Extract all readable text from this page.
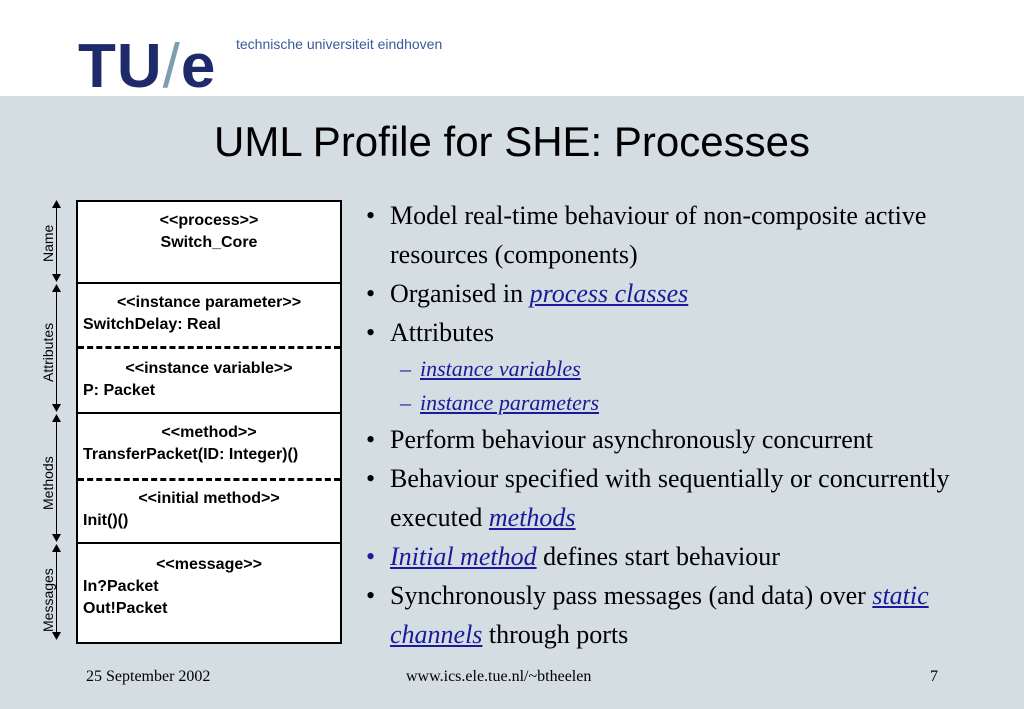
TU/e technische universiteit eindhoven
UML Profile for SHE: Processes
Name
Attributes
Methods
Messages
<<process>>
Switch_Core
<<instance parameter>>
SwitchDelay: Real
<<instance variable>>
P: Packet
<<method>>
TransferPacket(ID: Integer)()
<<initial method>>
Init()()
<<message>>
In?Packet
Out!Packet
• Model real-time behaviour of non-composite active resources (components)
• Organised in process classes
• Attributes
– instance variables
– instance parameters
• Perform behaviour asynchronously concurrent
• Behaviour specified with sequentially or concurrently executed methods
• Initial method defines start behaviour
• Synchronously pass messages (and data) over static channels through ports
25 September 2002	www.ics.ele.tue.nl/~btheelen	7
